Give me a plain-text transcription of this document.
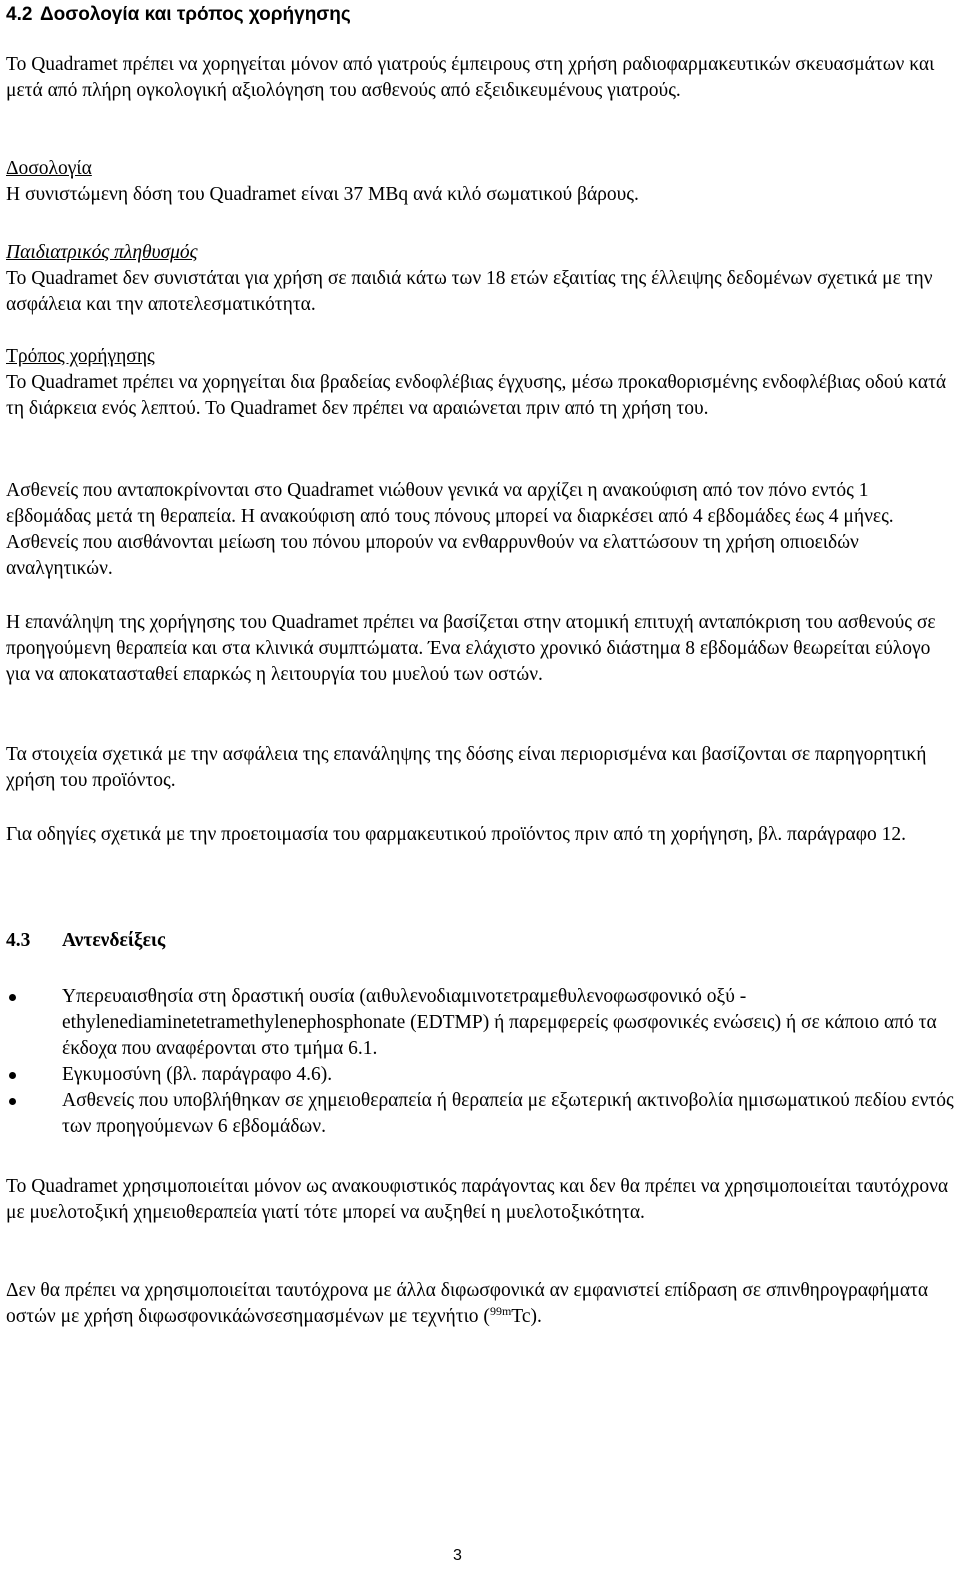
4.2 Δοσολογία και τρόπος χορήγησης

Το Quadramet πρέπει να χορηγείται μόνον από γιατρούς έμπειρους στη χρήση ραδιοφαρμακευτικών σκευασμάτων και μετά από πλήρη ογκολογική αξιολόγηση του ασθενούς από εξειδικευμένους γιατρούς.

Δοσολογία
Η συνιστώμενη δόση του Quadramet είναι 37 MBq ανά κιλό σωματικού βάρους.
Παιδιατρικός πληθυσμός
Το Quadramet δεν συνιστάται για χρήση σε παιδιά κάτω των 18 ετών εξαιτίας της έλλειψης δεδομένων σχετικά με την ασφάλεια και την αποτελεσματικότητα.
Τρόπος χορήγησης
Το Quadramet πρέπει να χορηγείται δια βραδείας ενδοφλέβιας έγχυσης, μέσω προκαθορισμένης ενδοφλέβιας οδού κατά τη διάρκεια ενός λεπτού. Το Quadramet δεν πρέπει να αραιώνεται πριν από τη χρήση του.

Ασθενείς που ανταποκρίνονται στο Quadramet νιώθουν γενικά να αρχίζει η ανακούφιση από τον πόνο εντός 1 εβδομάδας μετά τη θεραπεία. Η ανακούφιση από τους πόνους μπορεί να διαρκέσει από 4 εβδομάδες έως 4 μήνες. Ασθενείς που αισθάνονται μείωση του πόνου μπορούν να ενθαρρυνθούν να ελαττώσουν τη χρήση οπιοειδών αναλγητικών.

Η επανάληψη της χορήγησης του Quadramet πρέπει να βασίζεται στην ατομική επιτυχή ανταπόκριση του ασθενούς σε προηγούμενη θεραπεία και στα κλινικά συμπτώματα. Ένα ελάχιστο χρονικό διάστημα 8 εβδομάδων θεωρείται εύλογο για να αποκατασταθεί επαρκώς η λειτουργία του μυελού των οστών.

Τα στοιχεία σχετικά με την ασφάλεια της επανάληψης της δόσης είναι περιορισμένα και βασίζονται σε παρηγορητική χρήση του προϊόντος.

Για οδηγίες σχετικά με την προετοιμασία του φαρμακευτικού προϊόντος πριν από τη χορήγηση, βλ. παράγραφο 12.

4.3 Αντενδείξεις
Υπερευαισθησία στη δραστική ουσία (αιθυλενοδιαμινοτετραμεθυλενοφωσφονικό οξύ - ethylenediaminetetramethylenephosphonate (EDTMP) ή παρεμφερείς φωσφονικές ενώσεις) ή σε κάποιο από τα έκδοχα που αναφέρονται στο τμήμα 6.1.
Εγκυμοσύνη (βλ. παράγραφο 4.6).
Ασθενείς που υποβλήθηκαν σε χημειοθεραπεία ή θεραπεία με εξωτερική ακτινοβολία ημισωματικού πεδίου εντός των προηγούμενων 6 εβδομάδων.

Το Quadramet χρησιμοποιείται μόνον ως ανακουφιστικός παράγοντας και δεν θα πρέπει να χρησιμοποιείται ταυτόχρονα με μυελοτοξική χημειοθεραπεία γιατί τότε μπορεί να αυξηθεί η μυελοτοξικότητα.

Δεν θα πρέπει να χρησιμοποιείται ταυτόχρονα με άλλα διφωσφονικά αν εμφανιστεί επίδραση σε σπινθηρογραφήματα οστών με χρήση διφωσφονικάώνσεσημασμένων με τεχνήτιο ($^{99m}$Tc).

3
